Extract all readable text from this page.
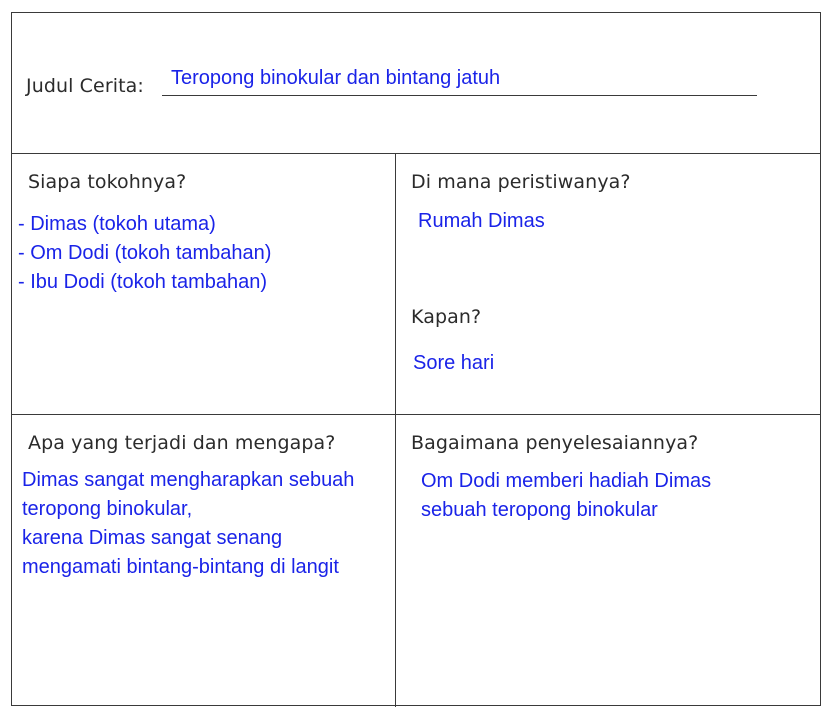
Judul Cerita: Teropong binokular dan bintang jatuh
Siapa tokohnya?
- Dimas (tokoh utama)
- Om Dodi (tokoh tambahan)
- Ibu Dodi (tokoh tambahan)
Di mana peristiwanya?
Rumah Dimas
Kapan?
Sore hari
Apa yang terjadi dan mengapa?
Dimas sangat mengharapkan sebuah
teropong binokular,
karena Dimas sangat senang
mengamati bintang-bintang di langit
Bagaimana penyelesaiannya?
Om Dodi memberi hadiah Dimas
sebuah teropong binokular
